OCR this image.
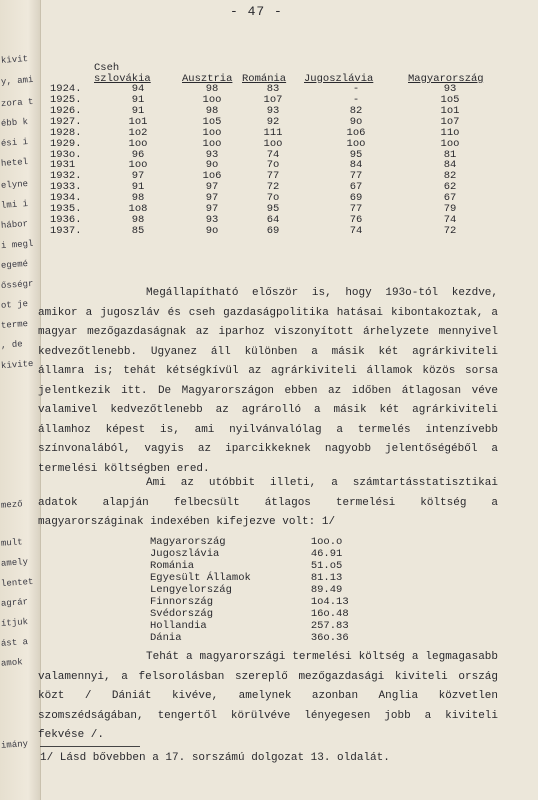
kivit
y, ami
zora t
ébb k
ési i
hetel
elyne
lmi i
hábor
i megl
egemé
ősségr
ot je
terme
, de
kivite
mező
mult
amely
lentet
agrár
ítjuk
ást a
amok
imány
- 47 -
	Cseh				
	szlovákia	Ausztria	Románia	Jugoszlávia	Magyarország
1924.	94	98	83	-	93
1925.	91	1oo	1o7	-	1o5
1926.	91	98	93	82	1o1
1927.	1o1	1o5	92	9o	1o7
1928.	1o2	1oo	111	1o6	11o
1929.	1oo	1oo	1oo	1oo	1oo
193o.	96	93	74	95	81
1931	1oo	9o	7o	84	84
1932.	97	1o6	77	77	82
1933.	91	97	72	67	62
1934.	98	97	7o	69	67
1935.	1o8	97	95	77	79
1936.	98	93	64	76	74
1937.	85	9o	69	74	72

Megállapítható először is, hogy 193o-tól kezdve, amikor a jugoszláv és cseh gazdaságpolitika hatásai kibontakoztak, a magyar mezőgazdaságnak az iparhoz viszonyított árhelyzete mennyivel kedvezőtlenebb. Ugyanez áll különben a másik két agrárkiviteli államra is; tehát kétségkívül az agrárkiviteli államok közös sorsa jelentkezik itt. De Magyarországon ebben az időben átlagosan véve valamivel kedvezőtlenebb az agrárolló a másik két agrárkiviteli államhoz képest is, ami nyilvánvalólag a termelés intenzívebb színvonalából, vagyis az iparcikkeknek nagyobb jelentőségéből a termelési költségben ered.

Ami az utóbbit illeti, a számtartásstatisztikai adatok alapján felbecsült átlagos termelési költség a magyarországinak indexében kifejezve volt: 1/

Magyarország	1oo.o
Jugoszlávia	46.91
Románia	51.o5
Egyesült Államok	81.13
Lengyelország	89.49
Finnország	1o4.13
Svédország	16o.48
Hollandia	257.83
Dánia	36o.36

Tehát a magyarországi termelési költség a legmagasabb valamennyi, a felsorolásban szereplő mezőgazdasági kiviteli ország közt / Dániát kivéve, amelynek azonban Anglia közvetlen szomszédságában, tengertől körülvéve lényegesen jobb a kiviteli fekvése /.

1/ Lásd bővebben a 17. sorszámú dolgozat 13. oldalát.
